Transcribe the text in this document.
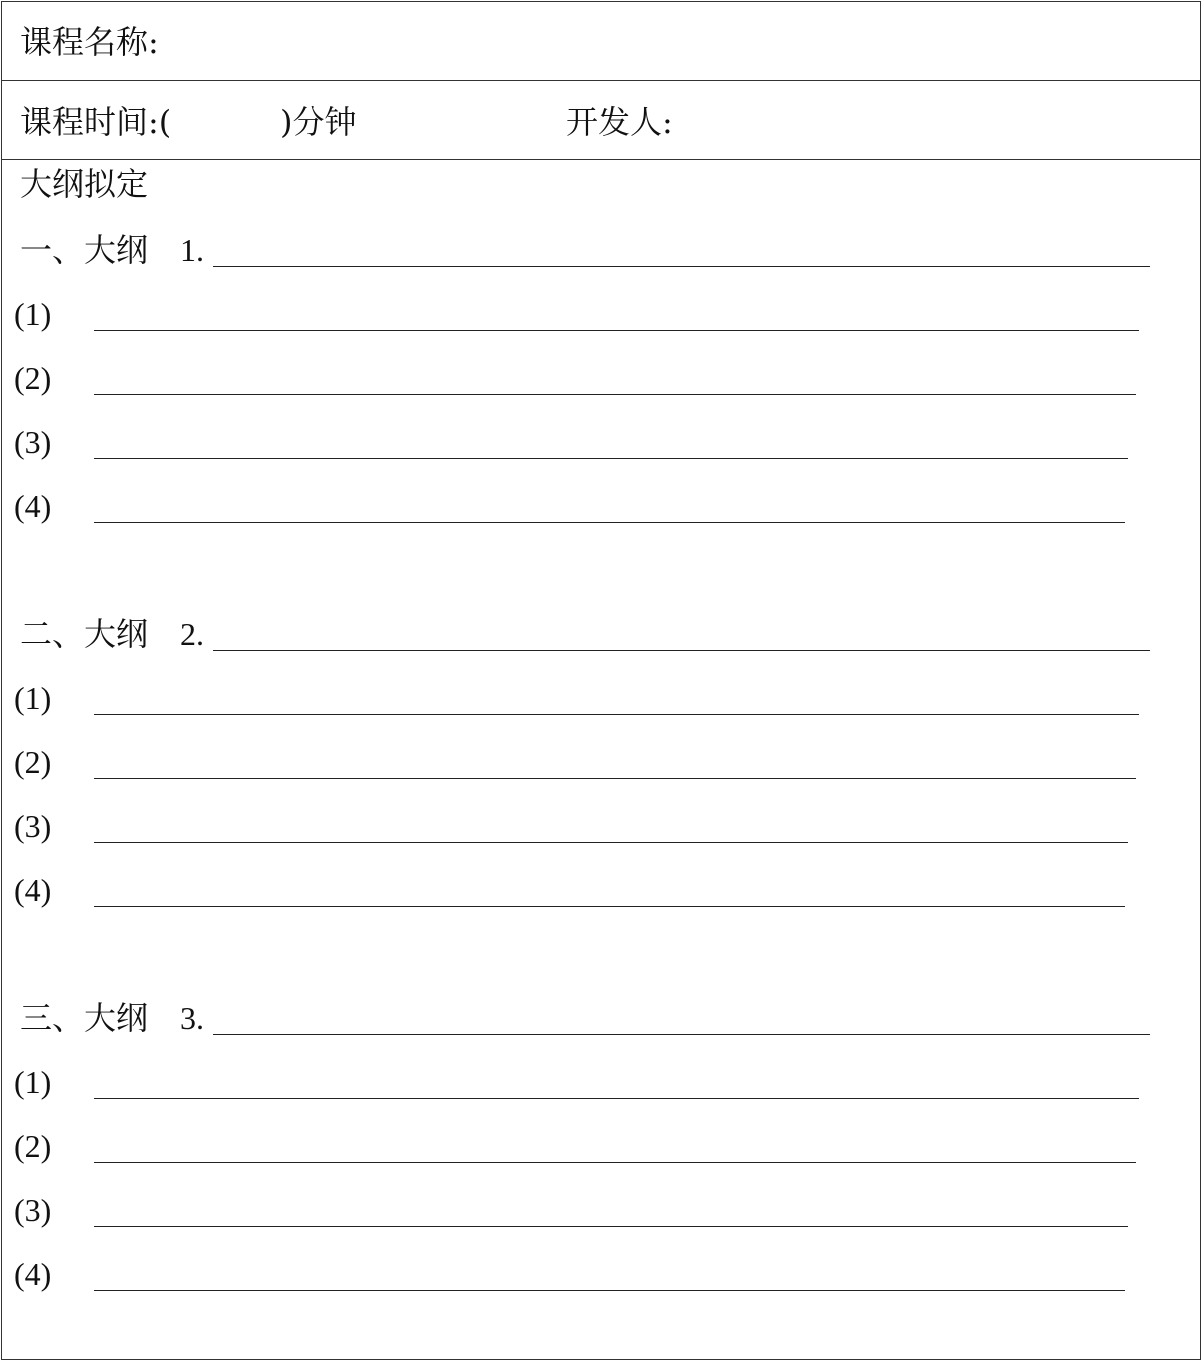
课程名称:
课程时间:(	)分钟	开发人:
大纲拟定
一、大纲 1.
(1)
(2)
(3)
(4)
二、大纲 2.
(1)
(2)
(3)
(4)
三、大纲 3.
(1)
(2)
(3)
(4)
